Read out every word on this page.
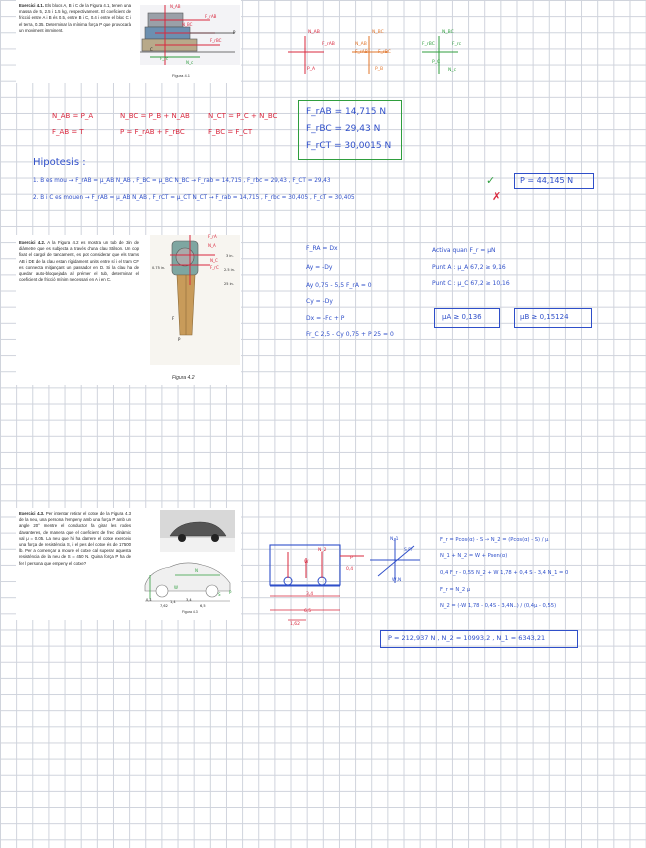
Exercici 4.1. Els blocs A, B i C de la Figura 4.1, tenen una massa de 5, 2.5 i 1.5 kg, respectivament. El coeficient de fricció entre A i B és 0.5, entre B i C, 0.4 i entre el bloc C i el terra, 0.35. Determinar la mínima força P que provocarà un moviment imminent.
N_AB
F_rAB
P
N_BC
F_rBC
N_c
F_rc
C
Figura 4.1
N_AB
F_rAB
P_A
N_AB
N_BC
F_rAB F_rBC
P_B
N_BC
F_rBC	F_rc
N_c
P_C
N_AB = P_A	N_BC = P_B + N_AB	N_CT = P_C + N_BC
F_AB = T	P = F_rAB + F_rBC	F_BC = F_CT
F_rAB = 14,715 N
F_rBC = 29,43 N
F_rCT = 30,0015 N
Hipotesis :
1. B es mou → F_rAB = μ_AB N_AB , F_BC = μ_BC N_BC → F_rab = 14,715 , F_rbc = 29,43 , F_CT = 29,43	✓	P = 44,145 N
2. B i C es mouen → F_rAB = μ_AB N_AB , F_rCT = μ_CT N_CT → F_rab = 14,715 , F_rbc = 30,405 , F_cT = 30,405	✗
Exercici 4.2. A la Figura 4.2 es mostra un tub de 3in de diàmetre que es subjecta a través d'una clau Stilson. Un cop fixat el cargol de tancament, es pot considerar que els trams AB i DE de la clau estan rígidament units entre sí i el tram CF es connecta mitjançant un passador en D. Si la clau ha de quedar auto-bloquejada al prémer el tub, determinar el coeficient de fricció mínim necessari en A i en C.
F_rA
N_A
N_C
F_rC
F
P
3 in.
2.5 in.
0.75 in.
25 in.
Figura 4.2
F_RA = Dx
Ay = -Dy
Ay 0,75 - 5,5 F_rA = 0
Cy = -Dy
Dx = -Fc + P
Fr_C 2,5 - Cy 0,75 + P 25 = 0
Activa quan F_r = μN
Punt A : μ_A 67,2 ≥ 9,16
Punt C : μ_C 67,2 ≥ 10,16
μA ≥ 0,136	μB ≥ 0,15124
Exercici 4.3. Per intentar retirar el cotxe de la Figura 4.3 de la neu, una persona l'empeny amb una força P amb un angle 20° mentre el conductor fa girar les rodes davanteres, de manera que el coeficient de frec dinàmic val μ = 0.05. La neu que hi ha darrere el cotxe exerceix una força de resistència S, i el pes del cotxe és de 17500 lb. Per a començar a moure el cotxe cal superar aquesta resistència de la neu de S = 450 N. Quina força P ha de fer l persona que empeny el cotxe?
N
W
S P
1,4
0,4	3,4
6,5
7,62
Figura 4.3
N_1
N_2
W
S,Fr
P
0,4
W,N
3,4
6,5
1,62
F_r = Pcos(α) - S → N_2 = (Pcos(α) - S) / μ
N_1 + N_2 = W + Psen(α)
0,4 F_r - 0,55 N_2 + W 1,78 + 0,4 S - 3,4 N_1 = 0
F_r = N_2 μ
N_2 = (-W 1,78 - 0,4S - 3,4N..) / (0,4μ - 0,55)
P = 212,937 N , N_2 = 10993,2 , N_1 = 6343,21
